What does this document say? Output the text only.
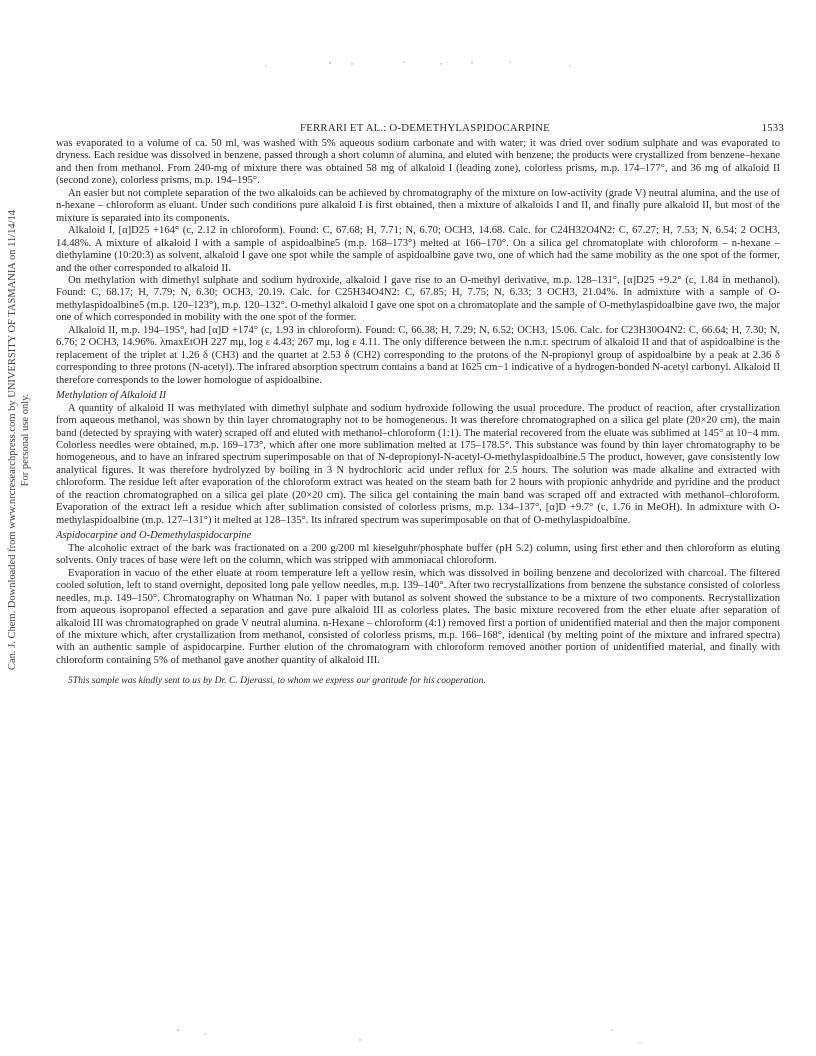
Can. J. Chem. Downloaded from www.nrcresearchpress.com by UNIVERSITY OF TASMANIA on 11/14/14 For personal use only.
FERRARI ET AL.: O-DEMETHYLASPIDOCARPINE	1533

was evaporated to a volume of ca. 50 ml, was washed with 5% aqueous sodium carbonate and with water; it was dried over sodium sulphate and was evaporated to dryness. Each residue was dissolved in benzene, passed through a short column of alumina, and eluted with benzene; the products were crystallized from benzene–hexane and then from methanol. From 240-mg of mixture there was obtained 58 mg of alkaloid I (leading zone), colorless prisms, m.p. 174–177°, and 36 mg of alkaloid II (second zone), colorless prisms, m.p. 194–195°.

An easier but not complete separation of the two alkaloids can be achieved by chromatography of the mixture on low-activity (grade V) neutral alumina, and the use of n-hexane – chloroform as eluant. Under such conditions pure alkaloid I is first obtained, then a mixture of alkaloids I and II, and finally pure alkaloid II, but most of the mixture is separated into its components.

Alkaloid I, [α]D25 +164° (c, 2.12 in chloroform). Found: C, 67.68; H, 7.71; N, 6.70; OCH3, 14.68. Calc. for C24H32O4N2: C, 67.27; H, 7.53; N, 6.54; 2 OCH3, 14.48%. A mixture of alkaloid I with a sample of aspidoalbine5 (m.p. 168–173°) melted at 166–170°. On a silica gel chromatoplate with chloroform – n-hexane – diethylamine (10:20:3) as solvent, alkaloid I gave one spot while the sample of aspidoalbine gave two, one of which had the same mobility as the one spot of the former, and the other corresponded to alkaloid II.

On methylation with dimethyl sulphate and sodium hydroxide, alkaloid I gave rise to an O-methyl derivative, m.p. 128–131°, [α]D25 +9.2° (c, 1.84 in methanol). Found: C, 68.17; H, 7.79; N, 6.30; OCH3, 20.19. Calc. for C25H34O4N2: C, 67.85; H, 7.75; N, 6.33; 3 OCH3, 21.04%. In admixture with a sample of O-methylaspidoalbine5 (m.p. 120–123°), m.p. 120–132°. O-methyl alkaloid I gave one spot on a chromatoplate and the sample of O-methylaspidoalbine gave two, the major one of which corresponded in mobility with the one spot of the former.

Alkaloid II, m.p. 194–195°, had [α]D +174° (c, 1.93 in chloroform). Found: C, 66.38; H, 7.29; N, 6.52; OCH3, 15.06. Calc. for C23H30O4N2: C, 66.64; H, 7.30; N, 6.76; 2 OCH3, 14.96%. λmaxEtOH 227 mμ, log ε 4.43; 267 mμ, log ε 4.11. The only difference between the n.m.r. spectrum of alkaloid II and that of aspidoalbine is the replacement of the triplet at 1.26 δ (CH3) and the quartet at 2.53 δ (CH2) corresponding to the protons of the N-propionyl group of aspidoalbine by a peak at 2.36 δ corresponding to three protons (N-acetyl). The infrared absorption spectrum contains a band at 1625 cm−1 indicative of a hydrogen-bonded N-acetyl carbonyl. Alkaloid II therefore corresponds to the lower homologue of aspidoalbine.

Methylation of Alkaloid II

A quantity of alkaloid II was methylated with dimethyl sulphate and sodium hydroxide following the usual procedure. The product of reaction, after crystallization from aqueous methanol, was shown by thin layer chromatography not to be homogeneous. It was therefore chromatographed on a silica gel plate (20×20 cm), the main band (detected by spraying with water) scraped off and eluted with methanol–chloroform (1:1). The material recovered from the eluate was sublimed at 145° at 10−4 mm. Colorless needles were obtained, m.p. 169–173°, which after one more sublimation melted at 175–178.5°. This substance was found by thin layer chromatography to be homogeneous, and to have an infrared spectrum superimposable on that of N-depropionyl-N-acetyl-O-methylaspidoalbine.5 The product, however, gave consistently low analytical figures. It was therefore hydrolyzed by boiling in 3 N hydrochloric acid under reflux for 2.5 hours. The solution was made alkaline and extracted with chloroform. The residue left after evaporation of the chloroform extract was heated on the steam bath for 2 hours with propionic anhydride and pyridine and the product of the reaction chromatographed on a silica gel plate (20×20 cm). The silica gel containing the main band was scraped off and extracted with methanol–chloroform. Evaporation of the extract left a residue which after sublimation consisted of colorless prisms, m.p. 134–137°, [α]D +9.7° (c, 1.76 in MeOH). In admixture with O-methylaspidoalbine (m.p. 127–131°) it melted at 128–135°. Its infrared spectrum was superimposable on that of O-methylaspidoalbine.

Aspidocarpine and O-Demethylaspidocarpine

The alcoholic extract of the bark was fractionated on a 200 g/200 ml kieselguhr/phosphate buffer (pH 5.2) column, using first ether and then chloroform as eluting solvents. Only traces of base were left on the column, which was stripped with ammoniacal chloroform.

Evaporation in vacuo of the ether eluate at room temperature left a yellow resin, which was dissolved in boiling benzene and decolorized with charcoal. The filtered cooled solution, left to stand overnight, deposited long pale yellow needles, m.p. 139–140°. After two recrystallizations from benzene the substance consisted of colorless needles, m.p. 149–150°. Chromatography on Whatman No. 1 paper with butanol as solvent showed the substance to be a mixture of two components. Recrystallization from aqueous isopropanol effected a separation and gave pure alkaloid III as colorless plates. The basic mixture recovered from the ether eluate after separation of alkaloid III was chromatographed on grade V neutral alumina. n-Hexane – chloroform (4:1) removed first a portion of unidentified material and then the major component of the mixture which, after crystallization from methanol, consisted of colorless prisms, m.p. 166–168°, identical (by melting point of the mixture and infrared spectra) with an authentic sample of aspidocarpine. Further elution of the chromatogram with chloroform removed another portion of unidentified material, and finally with chloroform containing 5% of methanol gave another quantity of alkaloid III.

5This sample was kindly sent to us by Dr. C. Djerassi, to whom we express our gratitude for his cooperation.
